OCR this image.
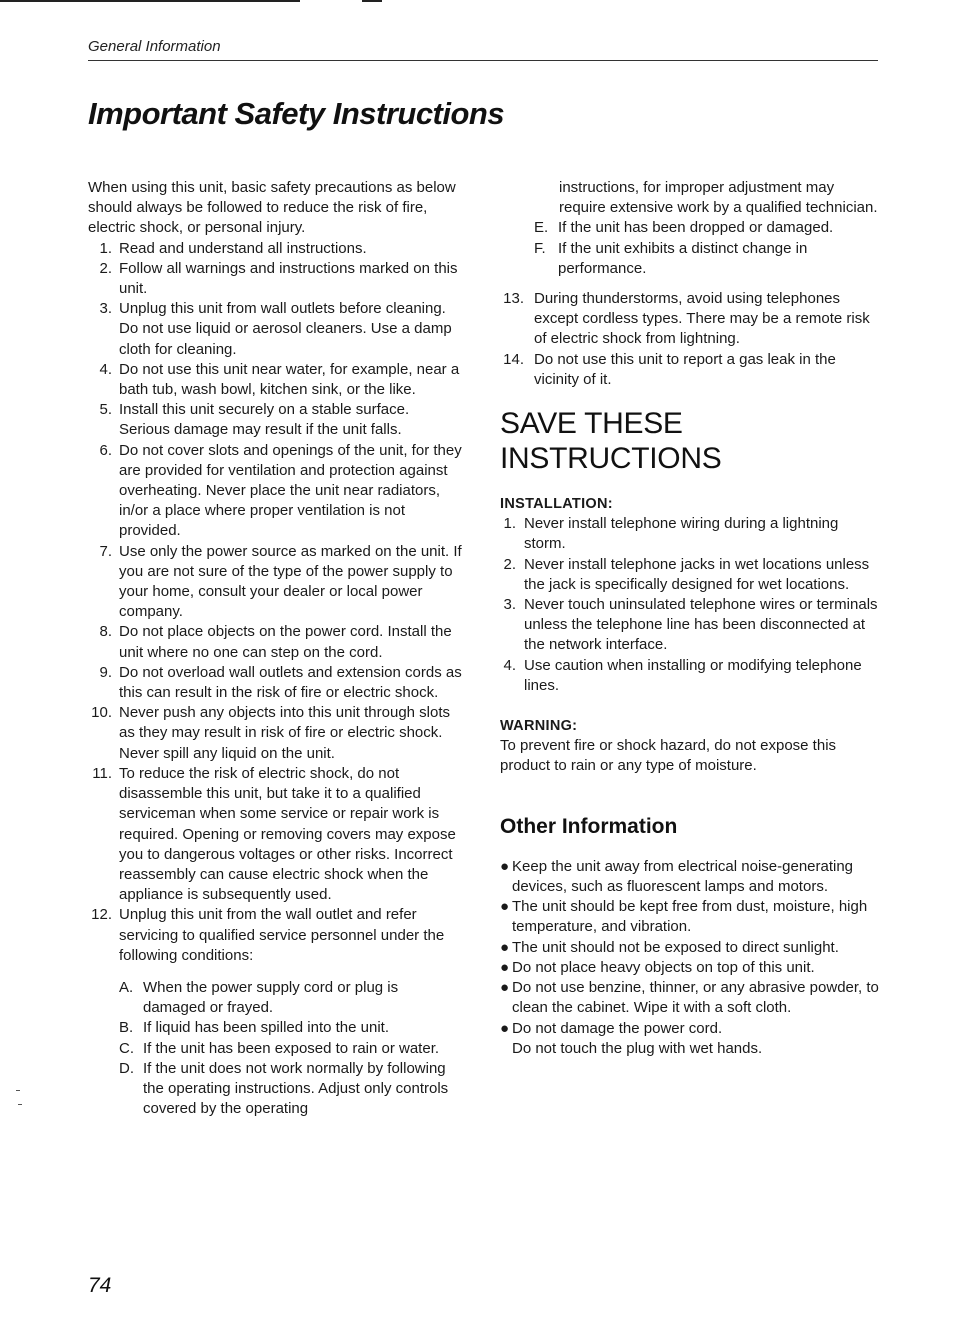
General Information
Important Safety Instructions

When using this unit, basic safety precautions as below should always be followed to reduce the risk of fire, electric shock, or personal injury.

1. Read and understand all instructions.
2. Follow all warnings and instructions marked on this unit.
3. Unplug this unit from wall outlets before cleaning. Do not use liquid or aerosol cleaners. Use a damp cloth for cleaning.
4. Do not use this unit near water, for example, near a bath tub, wash bowl, kitchen sink, or the like.
5. Install this unit securely on a stable surface. Serious damage may result if the unit falls.
6. Do not cover slots and openings of the unit, for they are provided for ventilation and protection against overheating. Never place the unit near radiators, in/or a place where proper ventilation is not provided.
7. Use only the power source as marked on the unit. If you are not sure of the type of the power supply to your home, consult your dealer or local power company.
8. Do not place objects on the power cord. Install the unit where no one can step on the cord.
9. Do not overload wall outlets and extension cords as this can result in the risk of fire or electric shock.
10. Never push any objects into this unit through slots as they may result in risk of fire or electric shock. Never spill any liquid on the unit.
11. To reduce the risk of electric shock, do not disassemble this unit, but take it to a qualified serviceman when some service or repair work is required. Opening or removing covers may expose you to dangerous voltages or other risks. Incorrect reassembly can cause electric shock when the appliance is subsequently used.
12. Unplug this unit from the wall outlet and refer servicing to qualified service personnel under the following conditions:
A. When the power supply cord or plug is damaged or frayed.
B. If liquid has been spilled into the unit.
C. If the unit has been exposed to rain or water.
D. If the unit does not work normally by following the operating instructions. Adjust only controls covered by the operating

instructions, for improper adjustment may require extensive work by a qualified technician.

E. If the unit has been dropped or damaged.
F. If the unit exhibits a distinct change in performance.
13. During thunderstorms, avoid using telephones except cordless types. There may be a remote risk of electric shock from lightning.
14. Do not use this unit to report a gas leak in the vicinity of it.
SAVE THESE
INSTRUCTIONS
INSTALLATION:
1. Never install telephone wiring during a lightning storm.
2. Never install telephone jacks in wet locations unless the jack is specifically designed for wet locations.
3. Never touch uninsulated telephone wires or terminals unless the telephone line has been disconnected at the network interface.
4. Use caution when installing or modifying telephone lines.
WARNING:

To prevent fire or shock hazard, do not expose this product to rain or any type of moisture.

Other Information
● Keep the unit away from electrical noise-generating devices, such as fluorescent lamps and motors.
● The unit should be kept free from dust, moisture, high temperature, and vibration.
● The unit should not be exposed to direct sunlight.
● Do not place heavy objects on top of this unit.
● Do not use benzine, thinner, or any abrasive powder, to clean the cabinet. Wipe it with a soft cloth.
● Do not damage the power cord.
Do not touch the plug with wet hands.
74
